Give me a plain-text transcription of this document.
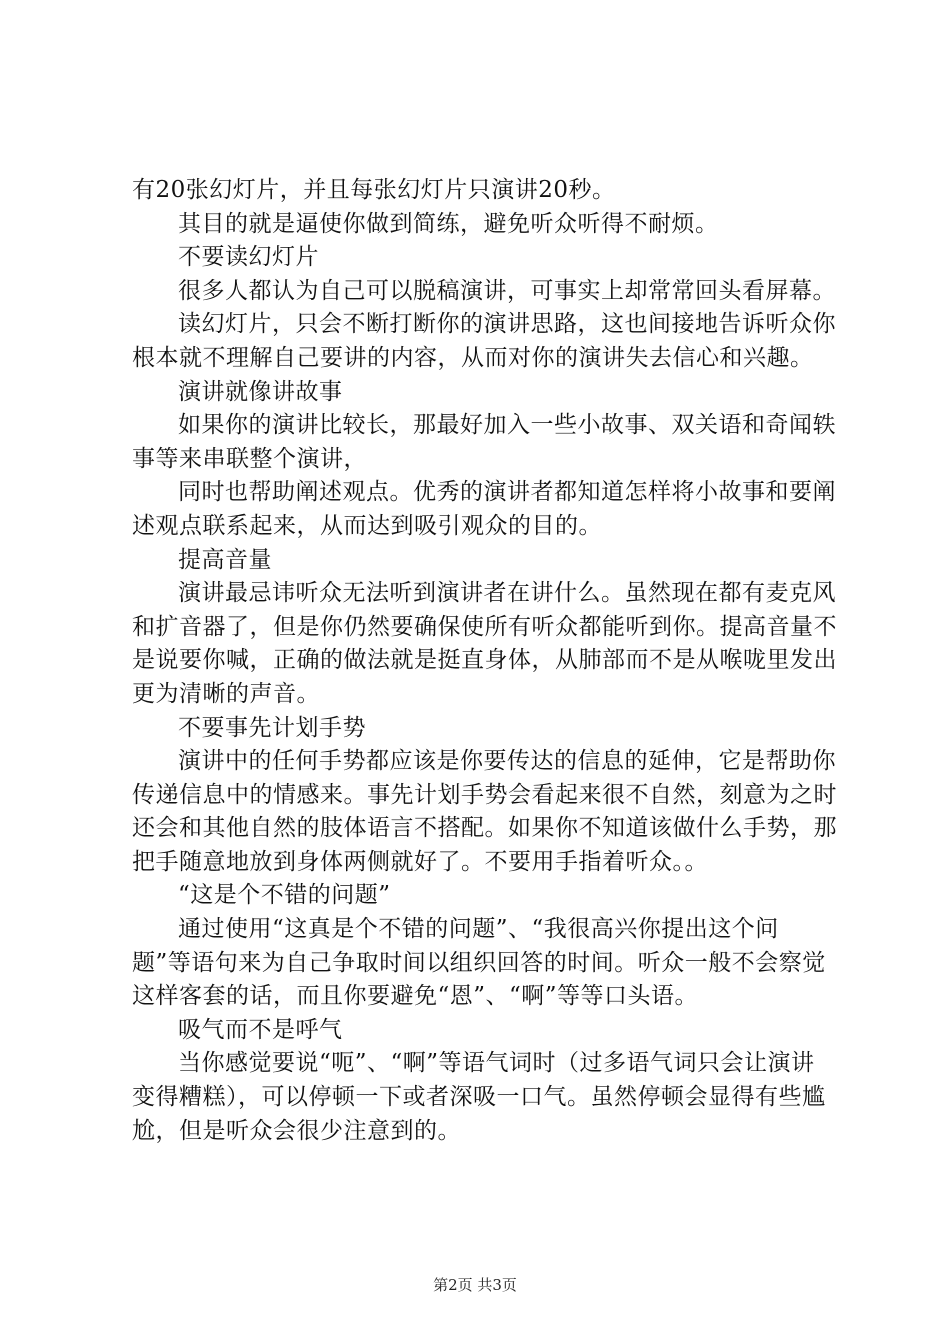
有20张幻灯片，并且每张幻灯片只演讲20秒。

其目的就是逼使你做到简练，避免听众听得不耐烦。

不要读幻灯片

很多人都认为自己可以脱稿演讲，可事实上却常常回头看屏幕。

读幻灯片，只会不断打断你的演讲思路，这也间接地告诉听众你根本就不理解自己要讲的内容，从而对你的演讲失去信心和兴趣。

演讲就像讲故事

如果你的演讲比较长，那最好加入一些小故事、双关语和奇闻轶事等来串联整个演讲，

同时也帮助阐述观点。优秀的演讲者都知道怎样将小故事和要阐述观点联系起来，从而达到吸引观众的目的。

提高音量

演讲最忌讳听众无法听到演讲者在讲什么。虽然现在都有麦克风和扩音器了，但是你仍然要确保使所有听众都能听到你。提高音量不是说要你喊，正确的做法就是挺直身体，从肺部而不是从喉咙里发出更为清晰的声音。

不要事先计划手势

演讲中的任何手势都应该是你要传达的信息的延伸，它是帮助你传递信息中的情感来。事先计划手势会看起来很不自然，刻意为之时还会和其他自然的肢体语言不搭配。如果你不知道该做什么手势，那把手随意地放到身体两侧就好了。不要用手指着听众。。

“这是个不错的问题”

通过使用“这真是个不错的问题”、“我很高兴你提出这个问题”等语句来为自己争取时间以组织回答的时间。听众一般不会察觉这样客套的话，而且你要避免“恩”、“啊”等等口头语。

吸气而不是呼气

当你感觉要说“呃”、“啊”等语气词时（过多语气词只会让演讲变得糟糕），可以停顿一下或者深吸一口气。虽然停顿会显得有些尴尬，但是听众会很少注意到的。

第2页 共3页
